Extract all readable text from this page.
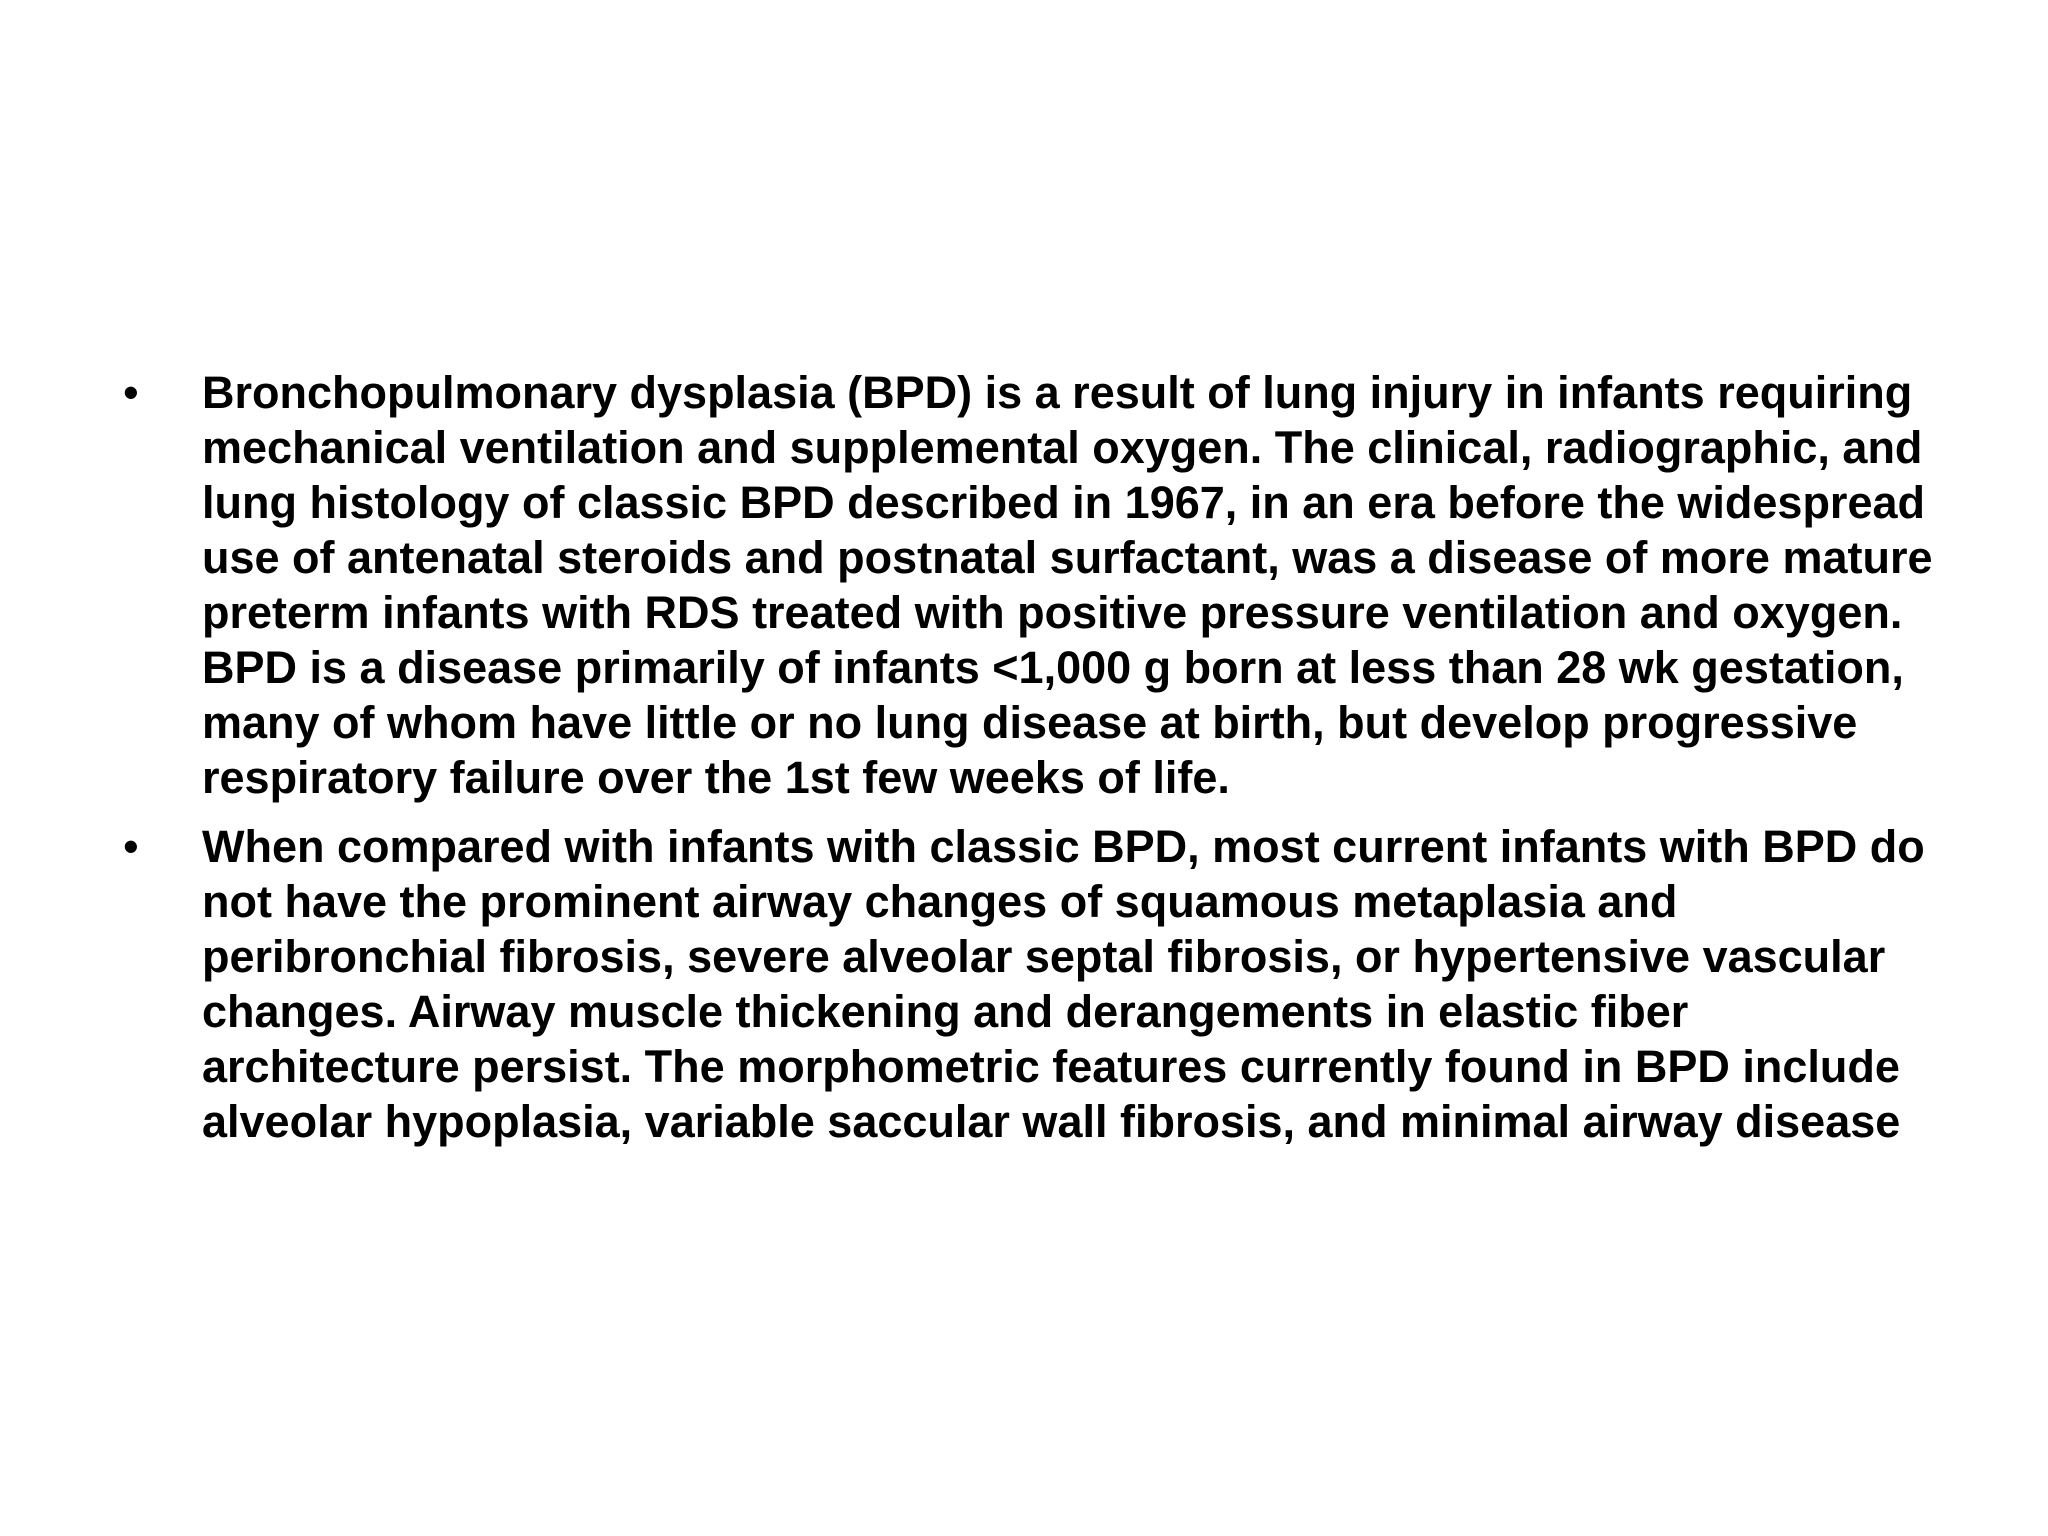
• Bronchopulmonary dysplasia (BPD) is a result of lung injury in infants requiring mechanical ventilation and supplemental oxygen. The clinical, radiographic, and lung histology of classic BPD described in 1967, in an era before the widespread use of antenatal steroids and postnatal surfactant, was a disease of more mature preterm infants with RDS treated with positive pressure ventilation and oxygen. BPD is a disease primarily of infants <1,000 g born at less than 28 wk gestation, many of whom have little or no lung disease at birth, but develop progressive respiratory failure over the 1st few weeks of life.
• When compared with infants with classic BPD, most current infants with BPD do not have the prominent airway changes of squamous metaplasia and peribronchial fibrosis, severe alveolar septal fibrosis, or hypertensive vascular changes. Airway muscle thickening and derangements in elastic fiber architecture persist. The morphometric features currently found in BPD include alveolar hypoplasia, variable saccular wall fibrosis, and minimal airway disease
